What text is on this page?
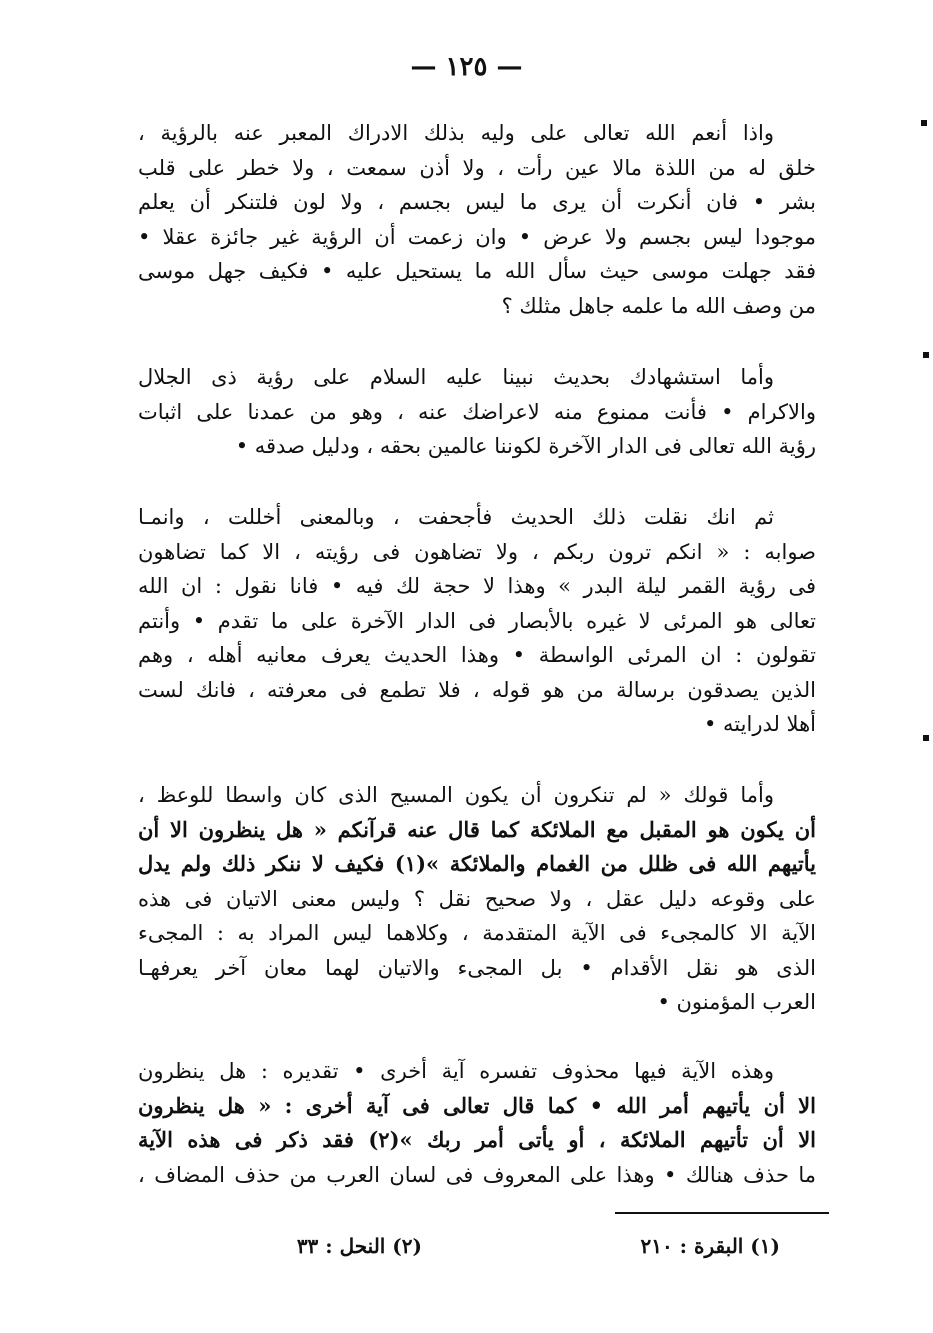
— ١٢٥ —
واذا أنعم الله تعالى على وليه بذلك الادراك المعبر عنه بالرؤية ،
خلق له من اللذة مالا عين رأت ، ولا أذن سمعت ، ولا خطر على قلب
بشر • فان أنكرت أن يرى ما ليس بجسم ، ولا لون فلتنكر أن يعلم
موجودا ليس بجسم ولا عرض • وان زعمت أن الرؤية غير جائزة عقلا •
فقد جهلت موسى حيث سأل الله ما يستحيل عليه • فكيف جهل موسى
من وصف الله ما علمه جاهل مثلك ؟
وأما استشهادك بحديث نبينا عليه السلام على رؤية ذى الجلال
والاكرام • فأنت ممنوع منه لاعراضك عنه ، وهو من عمدنا على اثبات
رؤية الله تعالى فى الدار الآخرة لكوننا عالمين بحقه ، ودليل صدقه •
ثم انك نقلت ذلك الحديث فأجحفت ، وبالمعنى أخللت ، وانمـا
صوابه : « انكم ترون ربكم ، ولا تضاهون فى رؤيته ، الا كما تضاهون
فى رؤية القمر ليلة البدر » وهذا لا حجة لك فيه • فانا نقول : ان الله
تعالى هو المرئى لا غيره بالأبصار فى الدار الآخرة على ما تقدم • وأنتم
تقولون : ان المرئى الواسطة • وهذا الحديث يعرف معانيه أهله ، وهم
الذين يصدقون برسالة من هو قوله ، فلا تطمع فى معرفته ، فانك لست
أهلا لدرايته •
وأما قولك « لم تنكرون أن يكون المسيح الذى كان واسطا للوعظ ،
أن يكون هو المقبل مع الملائكة كما قال عنه قرآنكم « هل ينظرون الا أن
يأتيهم الله فى ظلل من الغمام والملائكة »(١) فكيف لا ننكر ذلك ولم يدل
على وقوعه دليل عقل ، ولا صحيح نقل ؟ وليس معنى الاتيان فى هذه
الآية الا كالمجىء فى الآية المتقدمة ، وكلاهما ليس المراد به : المجىء
الذى هو نقل الأقدام • بل المجىء والاتيان لهما معان آخر يعرفهـا
العرب المؤمنون •
وهذه الآية فيها محذوف تفسره آية أخرى • تقديره : هل ينظرون
الا أن يأتيهم أمر الله • كما قال تعالى فى آية أخرى : « هل ينظرون
الا أن تأتيهم الملائكة ، أو يأتى أمر ربك »(٢) فقد ذكر فى هذه الآية
ما حذف هنالك • وهذا على المعروف فى لسان العرب من حذف المضاف ،
(١) البقرة : ٢١٠
(٢) النحل : ٣٣
